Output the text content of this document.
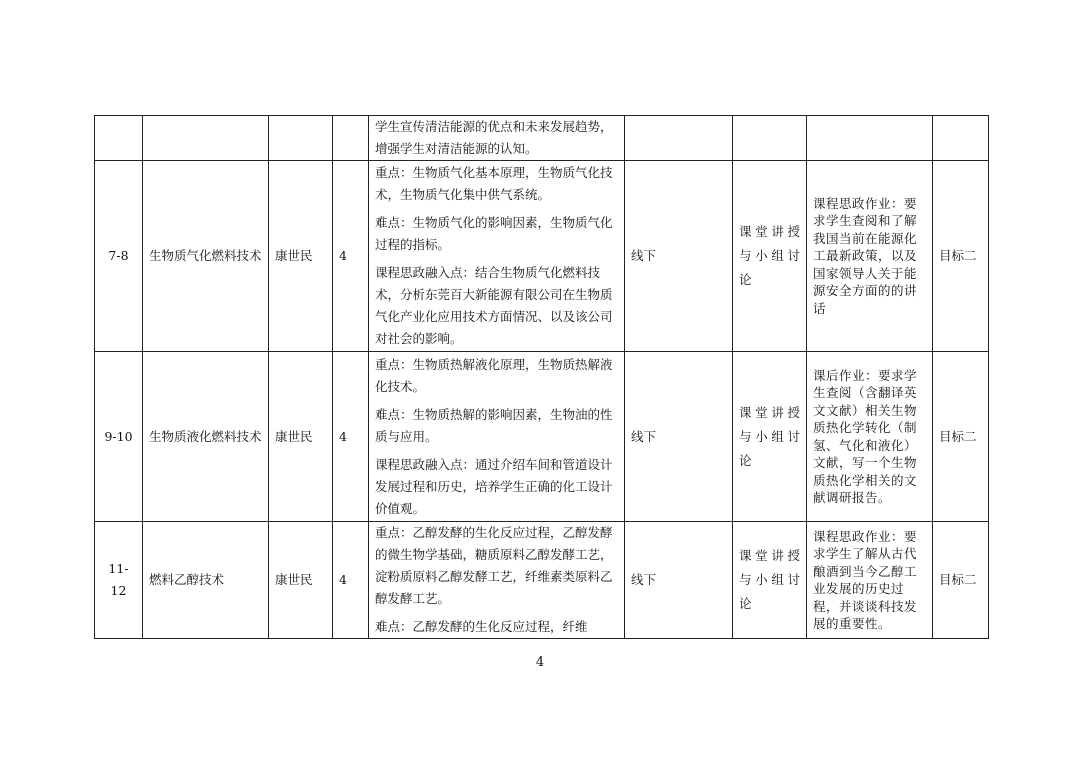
				学生宣传清洁能源的优点和未来发展趋势，增强学生对清洁能源的认知。				

7-8	生物质气化燃料技术	康世民	4	重点：生物质气化基本原理，生物质气化技术，生物质气化集中供气系统。

难点：生物质气化的影响因素，生物质气化过程的指标。

课程思政融入点：结合生物质气化燃料技术，分析东莞百大新能源有限公司在生物质气化产业化应用技术方面情况、以及该公司对社会的影响。	线下	课堂讲授与小组讨论	课程思政作业：要求学生查阅和了解我国当前在能源化工最新政策，以及国家领导人关于能源安全方面的的讲话	目标二
9-10	生物质液化燃料技术	康世民	4	重点：生物质热解液化原理，生物质热解液化技术。

难点：生物质热解的影响因素，生物油的性质与应用。

课程思政融入点：通过介绍车间和管道设计发展过程和历史，培养学生正确的化工设计价值观。	线下	课堂讲授与小组讨论	课后作业：要求学生查阅（含翻译英文文献）相关生物质热化学转化（制氢、气化和液化）文献，写一个生物质热化学相关的文献调研报告。	目标二
11-12	燃料乙醇技术	康世民	4	重点：乙醇发酵的生化反应过程，乙醇发酵的微生物学基础，糖质原料乙醇发酵工艺，淀粉质原料乙醇发酵工艺，纤维素类原料乙醇发酵工艺。

难点：乙醇发酵的生化反应过程，纤维	线下	课堂讲授与小组讨论	课程思政作业：要求学生了解从古代酿酒到当今乙醇工业发展的历史过程，并谈谈科技发展的重要性。	目标二
4
